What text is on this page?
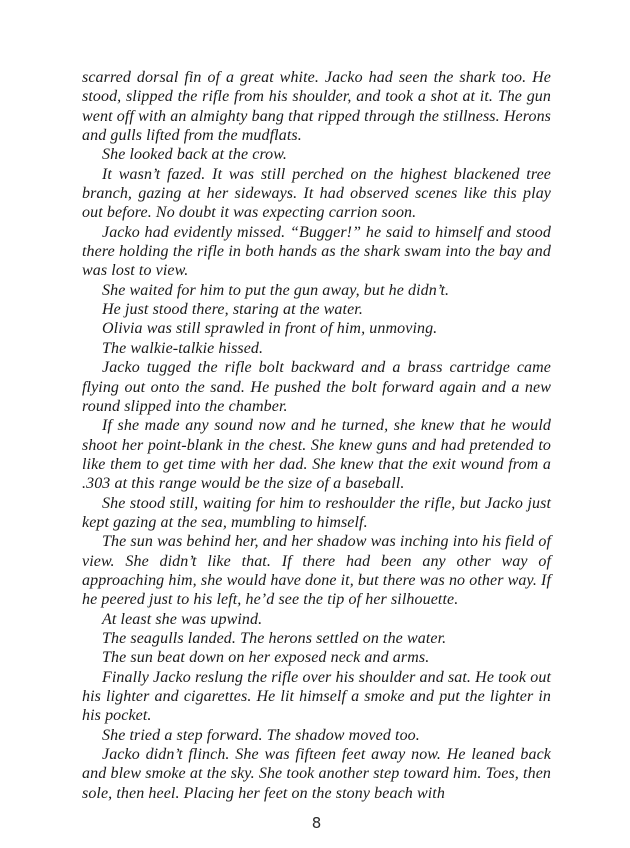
scarred dorsal fin of a great white. Jacko had seen the shark too. He stood, slipped the rifle from his shoulder, and took a shot at it. The gun went off with an almighty bang that ripped through the stillness. Herons and gulls lifted from the mudflats.

She looked back at the crow.

It wasn’t fazed. It was still perched on the highest blackened tree branch, gazing at her sideways. It had observed scenes like this play out before. No doubt it was expecting carrion soon.

Jacko had evidently missed. “Bugger!” he said to himself and stood there holding the rifle in both hands as the shark swam into the bay and was lost to view.

She waited for him to put the gun away, but he didn’t.

He just stood there, staring at the water.

Olivia was still sprawled in front of him, unmoving.

The walkie-talkie hissed.

Jacko tugged the rifle bolt backward and a brass cartridge came flying out onto the sand. He pushed the bolt forward again and a new round slipped into the chamber.

If she made any sound now and he turned, she knew that he would shoot her point-blank in the chest. She knew guns and had pretended to like them to get time with her dad. She knew that the exit wound from a .303 at this range would be the size of a baseball.

She stood still, waiting for him to reshoulder the rifle, but Jacko just kept gazing at the sea, mumbling to himself.

The sun was behind her, and her shadow was inching into his field of view. She didn’t like that. If there had been any other way of approaching him, she would have done it, but there was no other way. If he peered just to his left, he’d see the tip of her silhouette.

At least she was upwind.

The seagulls landed. The herons settled on the water.

The sun beat down on her exposed neck and arms.

Finally Jacko reslung the rifle over his shoulder and sat. He took out his lighter and cigarettes. He lit himself a smoke and put the lighter in his pocket.

She tried a step forward. The shadow moved too.

Jacko didn’t flinch. She was fifteen feet away now. He leaned back and blew smoke at the sky. She took another step toward him. Toes, then sole, then heel. Placing her feet on the stony beach with

8
